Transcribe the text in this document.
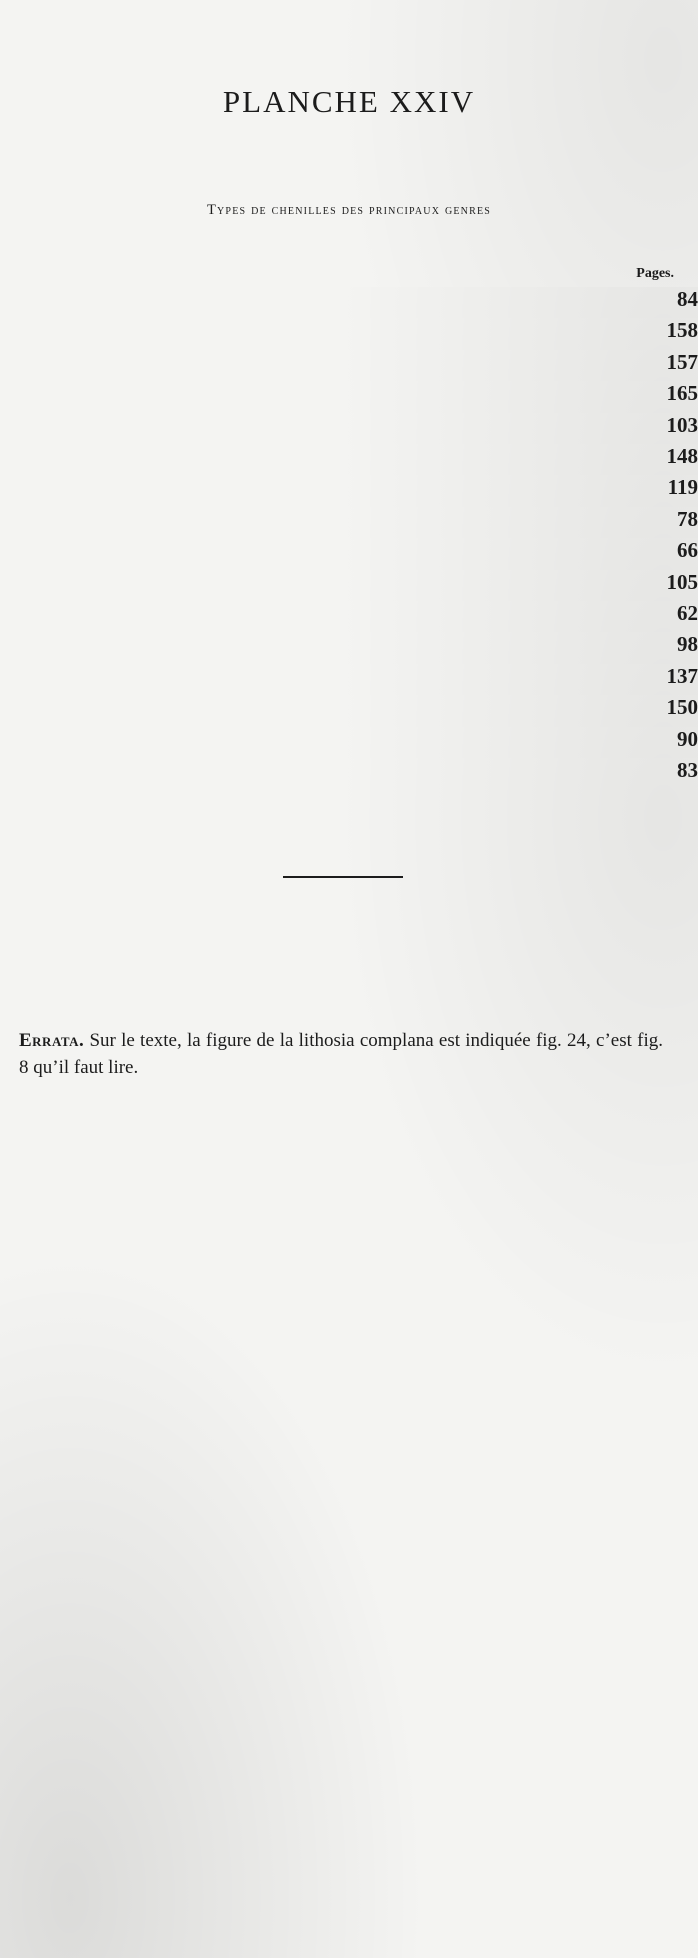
PLANCHE XXIV
Types de chenilles des principaux genres
Pages.
84
158
157
165
103
148
119
78
66
105
62
98
137
150
90
83
Errata. Sur le texte, la figure de la lithosia complana est indiquée fig. 24, c’est fig. 8 qu’il faut lire.
